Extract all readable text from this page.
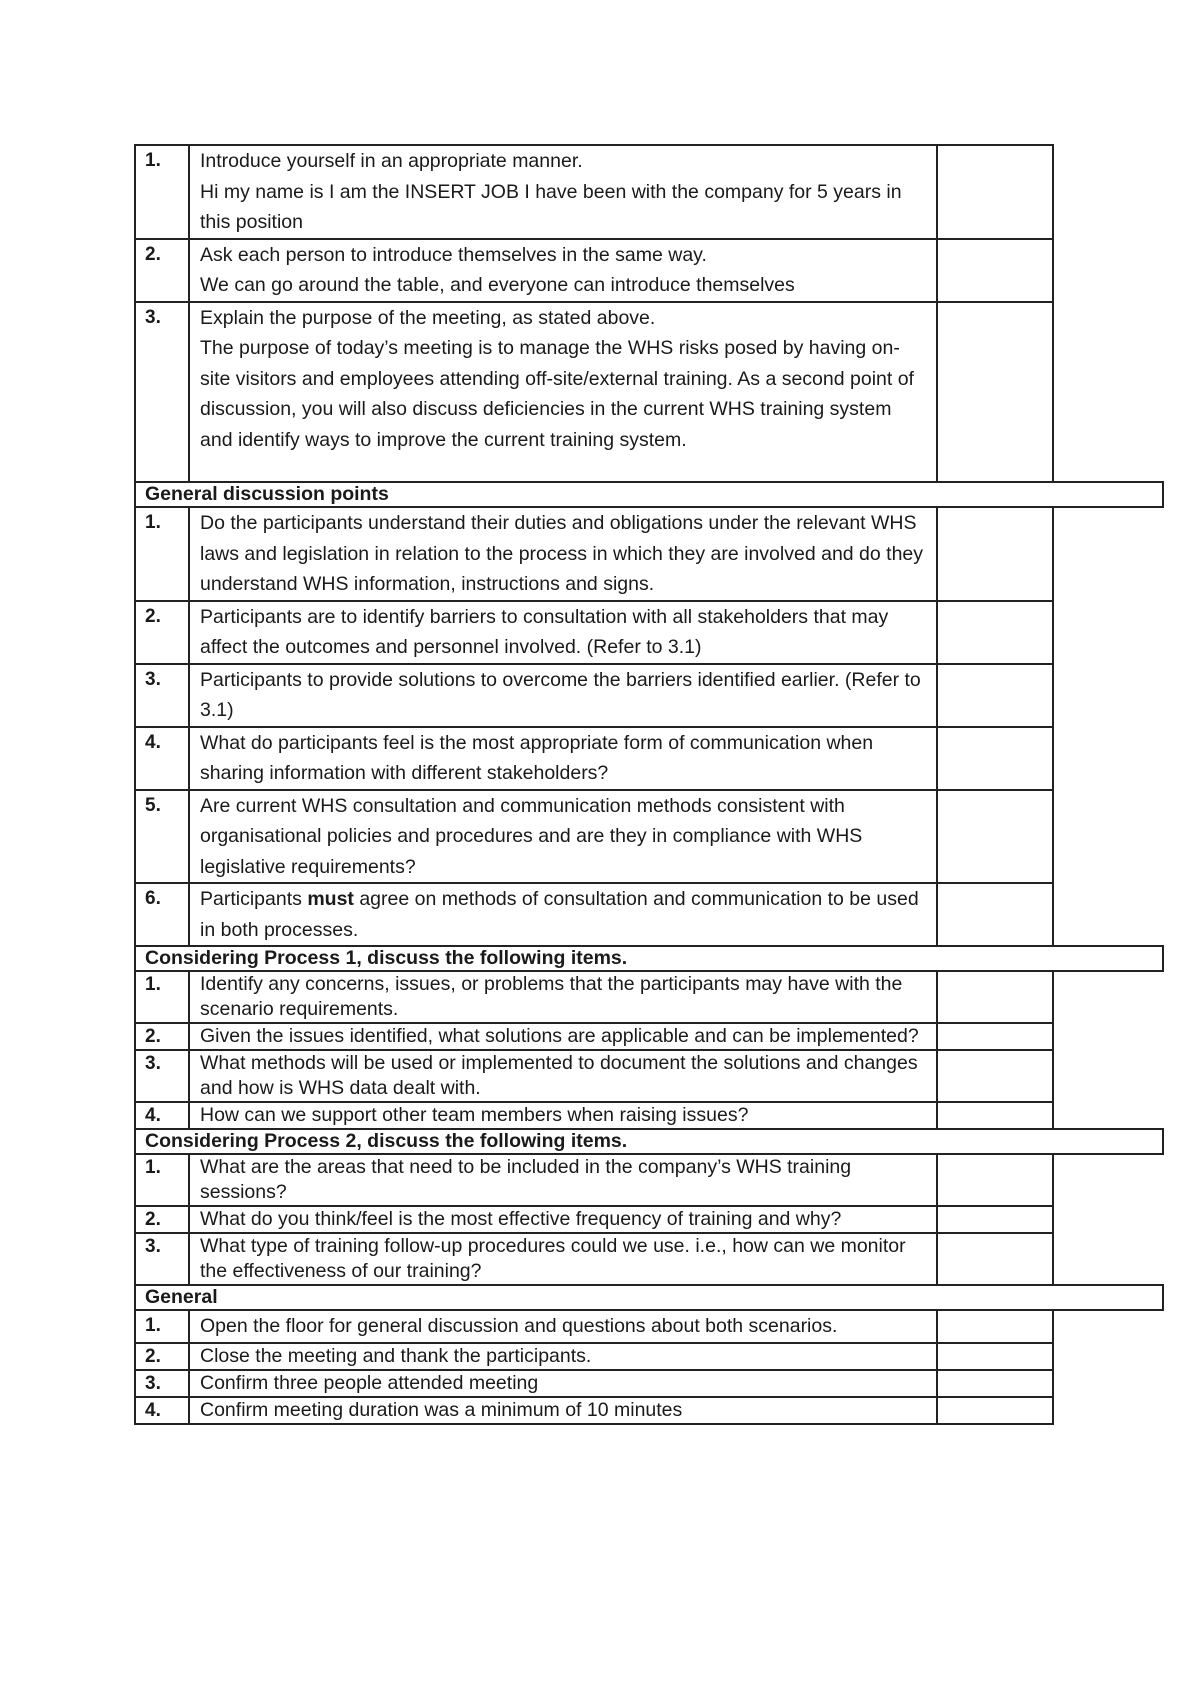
1.	Introduce yourself in an appropriate manner.
Hi my name is I am the INSERT JOB I have been with the company for 5 years in this position
2.	Ask each person to introduce themselves in the same way.
We can go around the table, and everyone can introduce themselves
3.	Explain the purpose of the meeting, as stated above.
The purpose of today’s meeting is to manage the WHS risks posed by having on-site visitors and employees attending off-site/external training. As a second point of discussion, you will also discuss deficiencies in the current WHS training system and identify ways to improve the current training system.
General discussion points
1.	Do the participants understand their duties and obligations under the relevant WHS laws and legislation in relation to the process in which they are involved and do they understand WHS information, instructions and signs.
2.	Participants are to identify barriers to consultation with all stakeholders that may affect the outcomes and personnel involved. (Refer to 3.1)
3.	Participants to provide solutions to overcome the barriers identified earlier. (Refer to 3.1)
4.	What do participants feel is the most appropriate form of communication when sharing information with different stakeholders?
5.	Are current WHS consultation and communication methods consistent with organisational policies and procedures and are they in compliance with WHS legislative requirements?
6.	Participants must agree on methods of consultation and communication to be used in both processes.
Considering Process 1, discuss the following items.
1.	Identify any concerns, issues, or problems that the participants may have with the scenario requirements.
2.	Given the issues identified, what solutions are applicable and can be implemented?
3.	What methods will be used or implemented to document the solutions and changes and how is WHS data dealt with.
4.	How can we support other team members when raising issues?
Considering Process 2, discuss the following items.
1.	What are the areas that need to be included in the company’s WHS training sessions?
2.	What do you think/feel is the most effective frequency of training and why?
3.	What type of training follow-up procedures could we use. i.e., how can we monitor the effectiveness of our training?
General
1.	Open the floor for general discussion and questions about both scenarios.
2.	Close the meeting and thank the participants.
3.	Confirm three people attended meeting
4.	Confirm meeting duration was a minimum of 10 minutes
